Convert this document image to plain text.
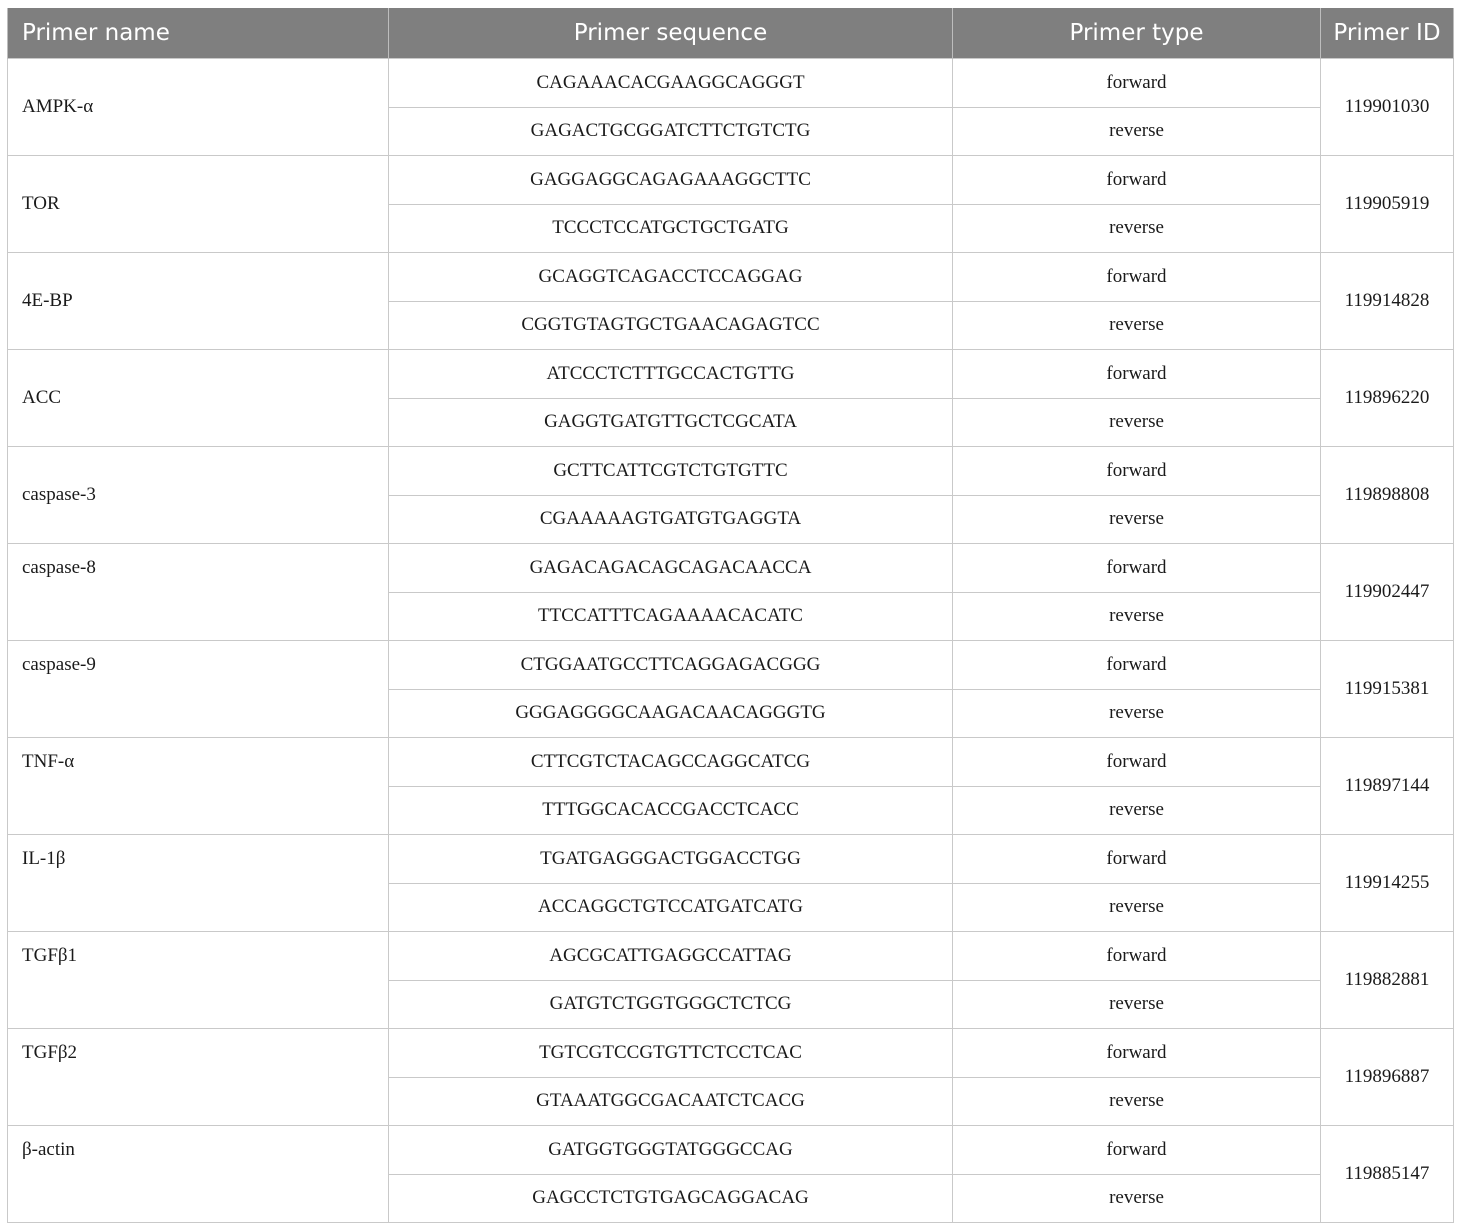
Primer name	Primer sequence	Primer type	Primer ID
AMPK-α	CAGAAACACGAAGGCAGGGT	forward	119901030
	GAGACTGCGGATCTTCTGTCTG	reverse	
TOR	GAGGAGGCAGAGAAAGGCTTC	forward	119905919
	TCCCTCCATGCTGCTGATG	reverse	
4E-BP	GCAGGTCAGACCTCCAGGAG	forward	119914828
	CGGTGTAGTGCTGAACAGAGTCC	reverse	
ACC	ATCCCTCTTTGCCACTGTTG	forward	119896220
	GAGGTGATGTTGCTCGCATA	reverse	
caspase-3	GCTTCATTCGTCTGTGTTC	forward	119898808
	CGAAAAAGTGATGTGAGGTA	reverse	
caspase-8	GAGACAGACAGCAGACAACCA	forward	119902447
	TTCCATTTCAGAAAACACATC	reverse	
caspase-9	CTGGAATGCCTTCAGGAGACGGG	forward	119915381
	GGGAGGGGCAAGACAACAGGGTG	reverse	
TNF-α	CTTCGTCTACAGCCAGGCATCG	forward	119897144
	TTTGGCACACCGACCTCACC	reverse	
IL-1β	TGATGAGGGACTGGACCTGG	forward	119914255
	ACCAGGCTGTCCATGATCATG	reverse	
TGFβ1	AGCGCATTGAGGCCATTAG	forward	119882881
	GATGTCTGGTGGGCTCTCG	reverse	
TGFβ2	TGTCGTCCGTGTTCTCCTCAC	forward	119896887
	GTAAATGGCGACAATCTCACG	reverse	
β-actin	GATGGTGGGTATGGGCCAG	forward	119885147
	GAGCCTCTGTGAGCAGGACAG	reverse	
